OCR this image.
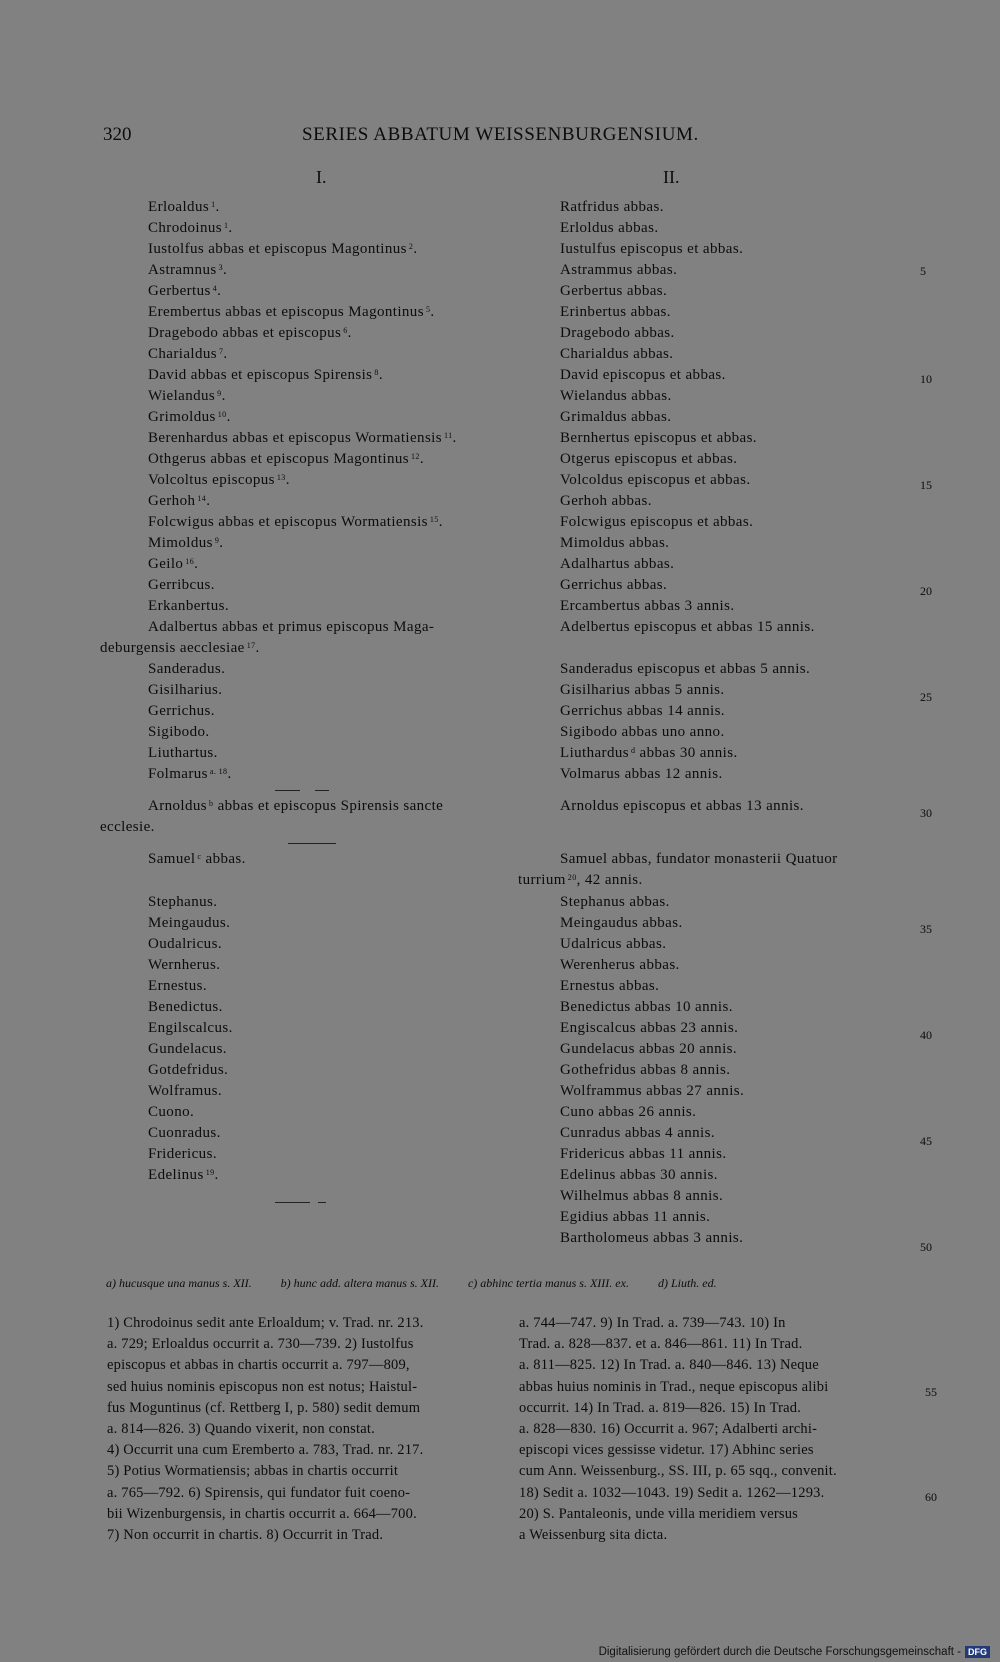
320	SERIES ABBATUM WEISSENBURGENSIUM.
I.	II.
Erloaldus $^1$.
Chrodoinus $^1$.
Iustolfus abbas et episcopus Magontinus $^2$.
Astramnus $^3$.
Gerbertus $^4$.
Erembertus abbas et episcopus Magontinus $^5$.
Dragebodo abbas et episcopus $^6$.
Charialdus $^7$.
David abbas et episcopus Spirensis $^8$.
Wielandus $^9$.
Grimoldus $^{10}$.
Berenhardus abbas et episcopus Wormatiensis $^{11}$.
Othgerus abbas et episcopus Magontinus $^{12}$.
Volcoltus episcopus $^{13}$.
Gerhoh $^{14}$.
Folcwigus abbas et episcopus Wormatiensis $^{15}$.
Mimoldus $^9$.
Geilo $^{16}$.
Gerribcus.
Erkanbertus.
Adalbertus abbas et primus episcopus Maga-
deburgensis aecclesiae $^{17}$.
Sanderadus.
Gisilharius.
Gerrichus.
Sigibodo.
Liuthartus.
Folmarus $^{a. 18}$.
Arnoldus $^b$ abbas et episcopus Spirensis sancte
ecclesie.
Samuel $^c$ abbas.
Stephanus.
Meingaudus.
Oudalricus.
Wernherus.
Ernestus.
Benedictus.
Engilscalcus.
Gundelacus.
Gotdefridus.
Wolframus.
Cuono.
Cuonradus.
Fridericus.
Edelinus $^{19}$.
Ratfridus abbas.
Erloldus abbas.
Iustulfus episcopus et abbas.
Astrammus abbas.
Gerbertus abbas.
Erinbertus abbas.
Dragebodo abbas.
Charialdus abbas.
David episcopus et abbas.
Wielandus abbas.
Grimaldus abbas.
Bernhertus episcopus et abbas.
Otgerus episcopus et abbas.
Volcoldus episcopus et abbas.
Gerhoh abbas.
Folcwigus episcopus et abbas.
Mimoldus abbas.
Adalhartus abbas.
Gerrichus abbas.
Ercambertus abbas 3 annis.
Adelbertus episcopus et abbas 15 annis.
Sanderadus episcopus et abbas 5 annis.
Gisilharius abbas 5 annis.
Gerrichus abbas 14 annis.
Sigibodo abbas uno anno.
Liuthardus $^d$ abbas 30 annis.
Volmarus abbas 12 annis.
Arnoldus episcopus et abbas 13 annis.
Samuel abbas, fundator monasterii Quatuor
turrium $^{20}$, 42 annis.
Stephanus abbas.
Meingaudus abbas.
Udalricus abbas.
Werenherus abbas.
Ernestus abbas.
Benedictus abbas 10 annis.
Engiscalcus abbas 23 annis.
Gundelacus abbas 20 annis.
Gothefridus abbas 8 annis.
Wolframmus abbas 27 annis.
Cuno abbas 26 annis.
Cunradus abbas 4 annis.
Fridericus abbas 11 annis.
Edelinus abbas 30 annis.
Wilhelmus abbas 8 annis.
Egidius abbas 11 annis.
Bartholomeus abbas 3 annis.
5
10
15
20
25
30
35
40
45
50
55
60
a) hucusque una manus s. XII. b) hunc add. altera manus s. XII. c) abhinc tertia manus s. XIII. ex. d) Liuth. ed.
1) Chrodoinus sedit ante Erloaldum; v. Trad. nr. 213.
a. 729; Erloaldus occurrit a. 730—739. 2) Iustolfus
episcopus et abbas in chartis occurrit a. 797—809,
sed huius nominis episcopus non est notus; Haistul-
fus Moguntinus (cf. Rettberg I, p. 580) sedit demum
a. 814—826. 3) Quando vixerit, non constat.
4) Occurrit una cum Eremberto a. 783, Trad. nr. 217.
5) Potius Wormatiensis; abbas in chartis occurrit
a. 765—792. 6) Spirensis, qui fundator fuit coeno-
bii Wizenburgensis, in chartis occurrit a. 664—700.
7) Non occurrit in chartis. 8) Occurrit in Trad.
a. 744—747. 9) In Trad. a. 739—743. 10) In
Trad. a. 828—837. et a. 846—861. 11) In Trad.
a. 811—825. 12) In Trad. a. 840—846. 13) Neque
abbas huius nominis in Trad., neque episcopus alibi
occurrit. 14) In Trad. a. 819—826. 15) In Trad.
a. 828—830. 16) Occurrit a. 967; Adalberti archi-
episcopi vices gessisse videtur. 17) Abhinc series
cum Ann. Weissenburg., SS. III, p. 65 sqq., convenit.
18) Sedit a. 1032—1043. 19) Sedit a. 1262—1293.
20) S. Pantaleonis, unde villa meridiem versus
a Weissenburg sita dicta.
Digitalisierung gefördert durch die Deutsche Forschungsgemeinschaft - DFG
